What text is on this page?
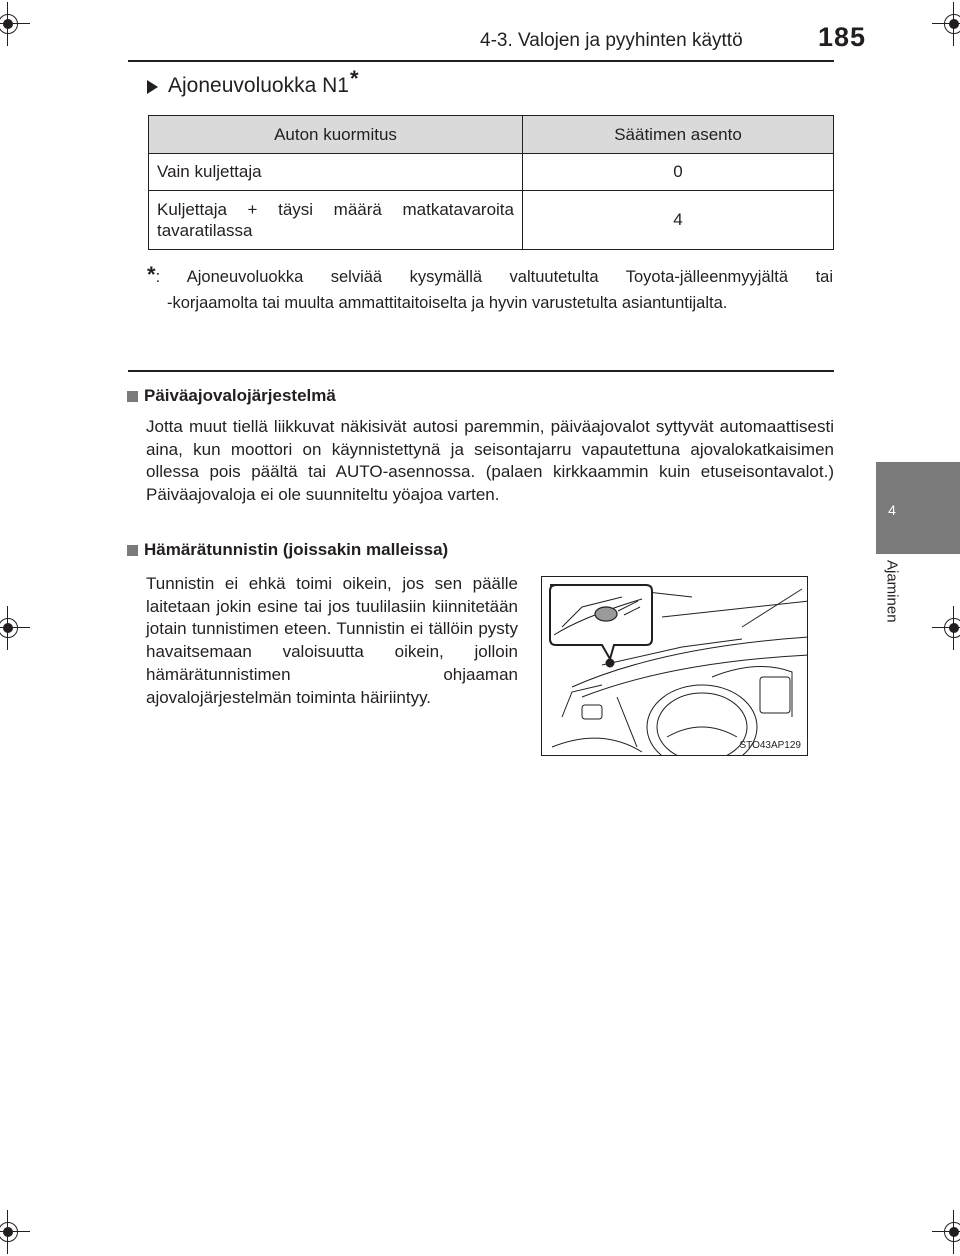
4-3. Valojen ja pyyhinten käyttö	185
4
Ajaminen
Ajoneuvoluokka N1 *
Auton kuormitus	Säätimen asento
Vain kuljettaja	0
Kuljettaja + täysi määrä matkatavaroita tavaratilassa	4
*: Ajoneuvoluokka selviää kysymällä valtuutetulta Toyota-jälleenmyyjältä tai
-korjaamolta tai muulta ammattitaitoiselta ja hyvin varustetulta asiantuntijalta.
Päiväajovalojärjestelmä
Jotta muut tiellä liikkuvat näkisivät autosi paremmin, päiväajovalot syttyvät automaattisesti aina, kun moottori on käynnistettynä ja seisontajarru vapautettuna ajovalokatkaisimen ollessa pois päältä tai AUTO-asennossa. (palaen kirkkaammin kuin etuseisontavalot.) Päiväajovaloja ei ole suunniteltu yöajoa varten.
Hämärätunnistin (joissakin malleissa)
Tunnistin ei ehkä toimi oikein, jos sen päälle laitetaan jokin esine tai jos tuulilasiin kiinnitetään jotain tunnistimen eteen. Tunnistin ei tällöin pysty havaitsemaan valoisuutta oikein, jolloin hämärätunnistimen ohjaaman ajovalojärjestelmän toiminta häiriintyy.
STO43AP129
